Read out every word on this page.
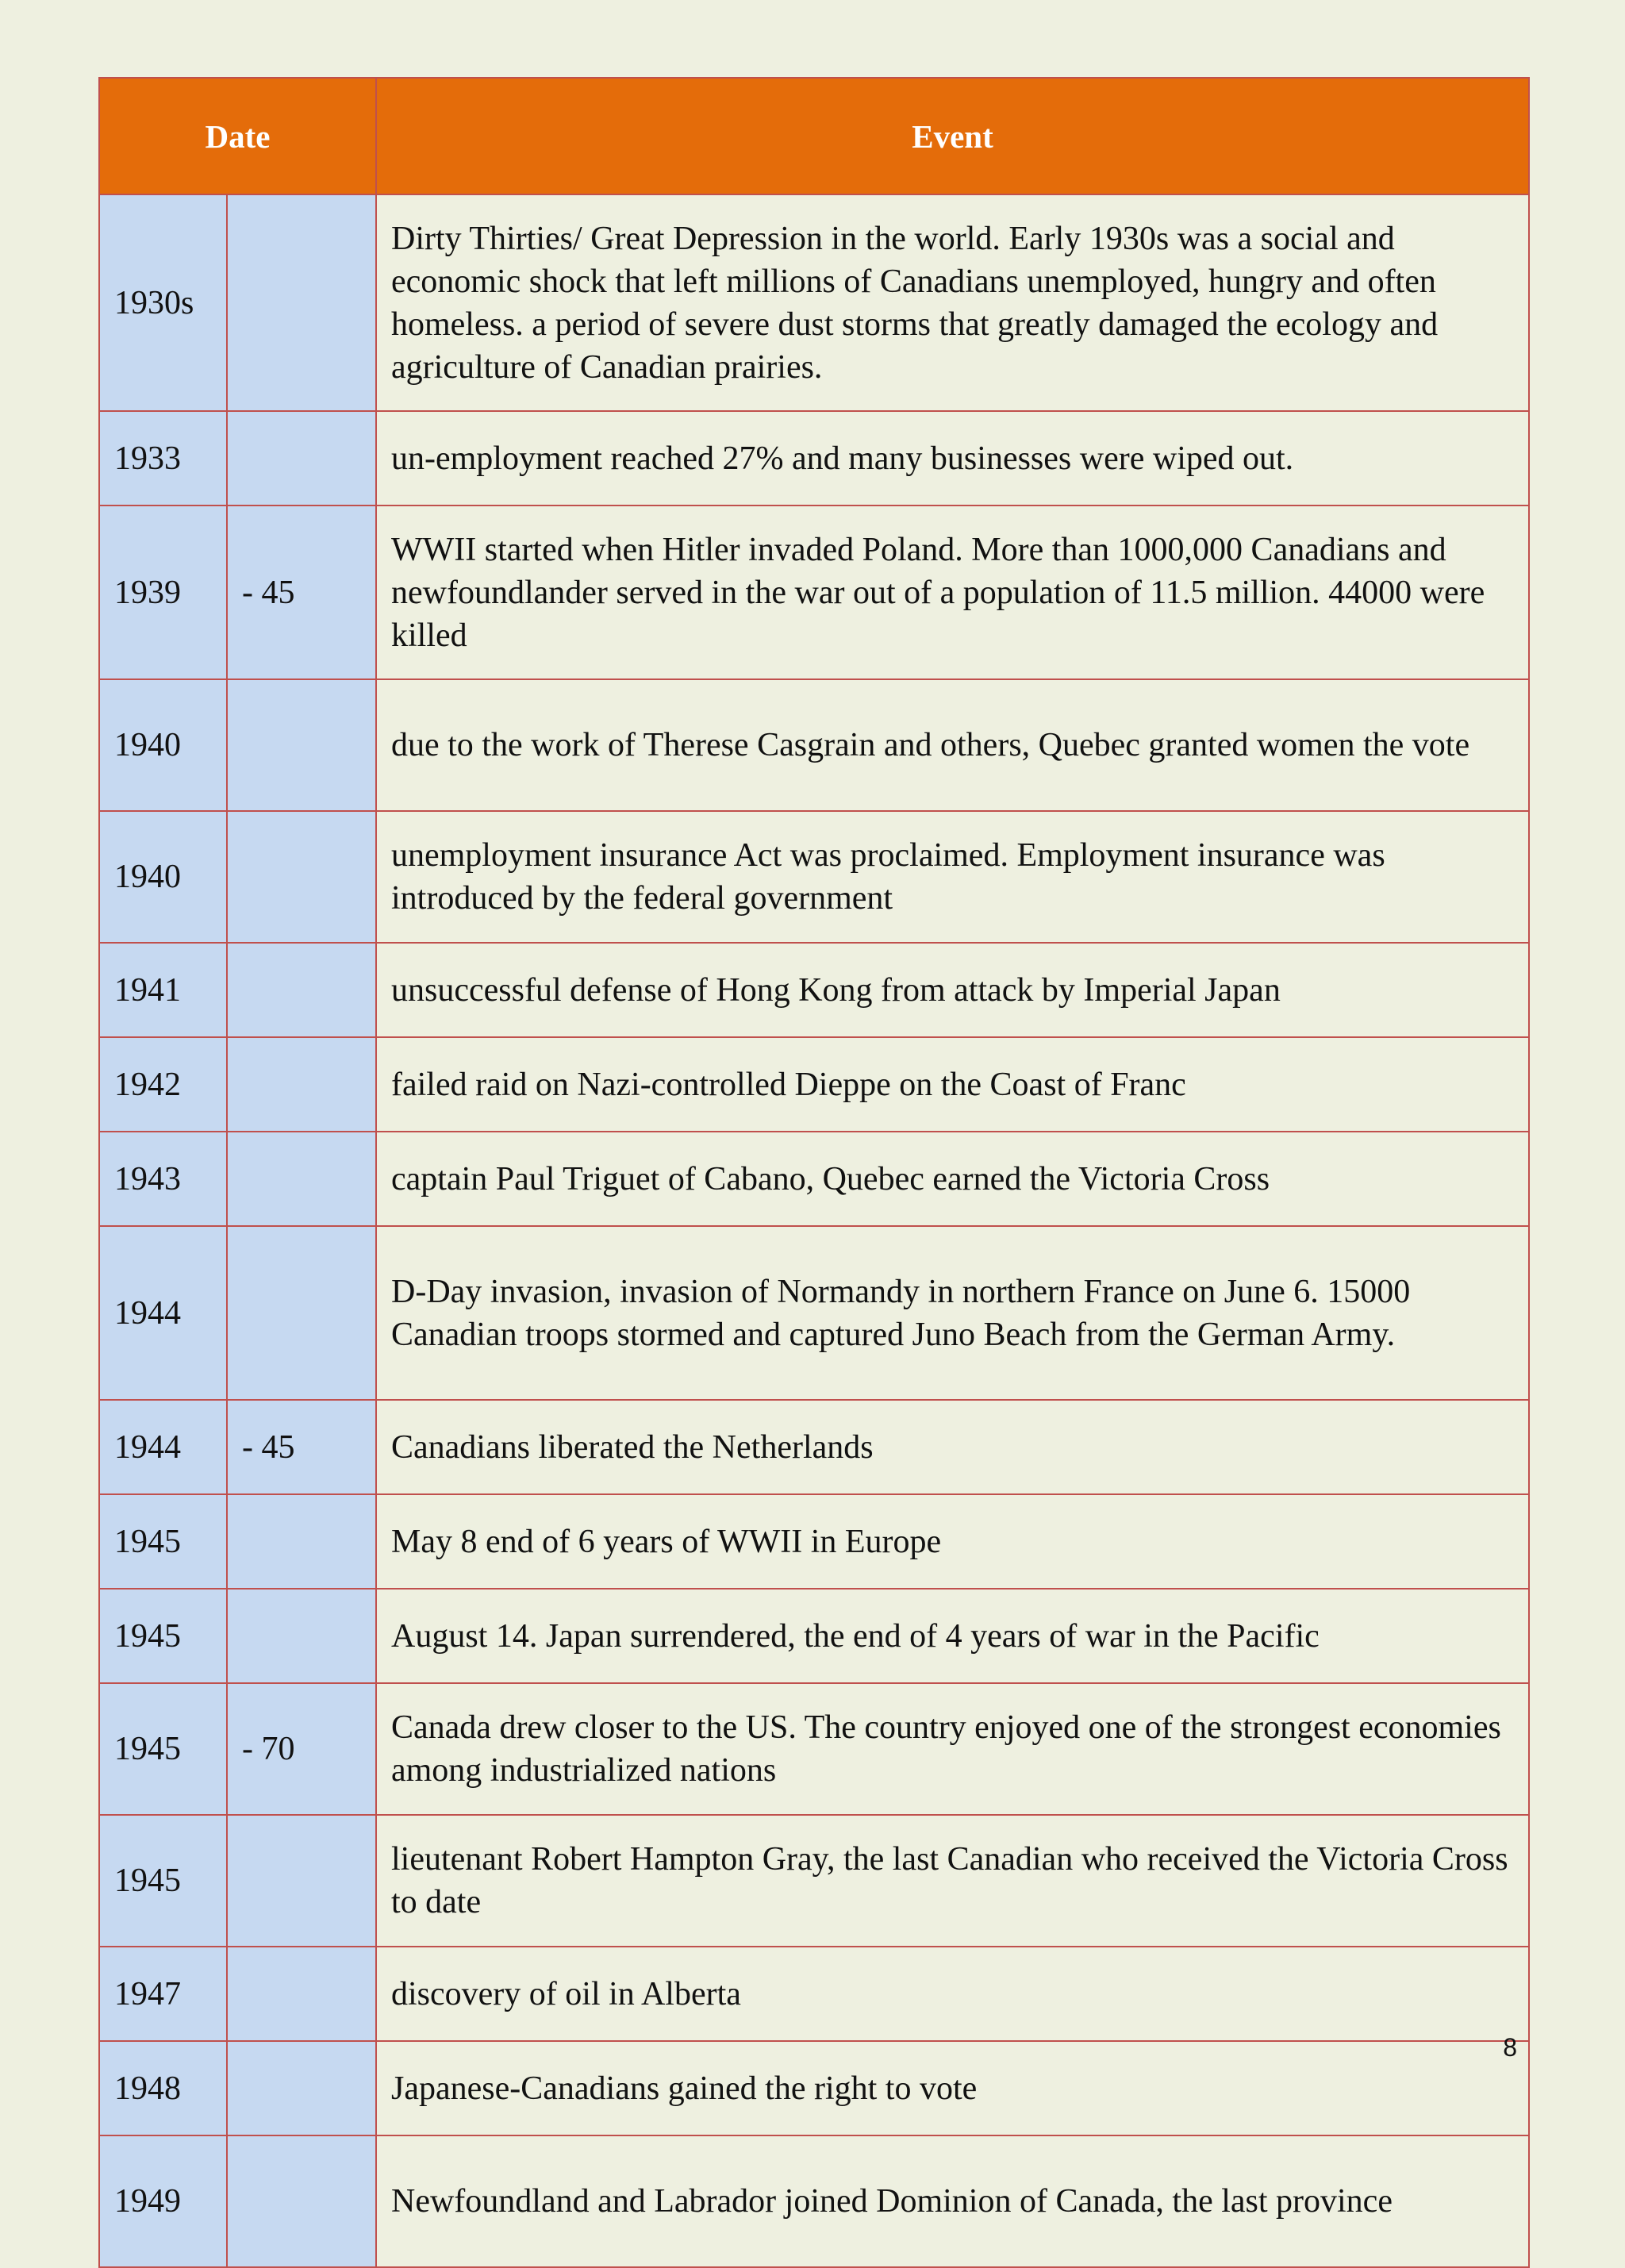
Date		Event
1930s		Dirty Thirties/ Great Depression in the world. Early 1930s was a social and economic shock that left millions of Canadians unemployed, hungry and often homeless. a period of severe dust storms that greatly damaged the ecology and agriculture of Canadian prairies.
1933		un-employment reached 27% and many businesses were wiped out.
1939	- 45	WWII started when Hitler invaded Poland. More than 1000,000 Canadians and newfoundlander served in the war out of a population of 11.5 million. 44000 were killed
1940		due to the work of Therese Casgrain and others, Quebec granted women the vote
1940		unemployment insurance Act was proclaimed. Employment insurance was introduced by the federal government
1941		unsuccessful defense of Hong Kong from attack by Imperial Japan
1942		failed raid on Nazi-controlled Dieppe on the Coast of Franc
1943		captain Paul Triguet of Cabano, Quebec earned the Victoria Cross
1944		D-Day invasion, invasion of Normandy in northern France on June 6. 15000 Canadian troops stormed and captured Juno Beach from the German Army.
1944	- 45	Canadians liberated the Netherlands
1945		May 8 end of 6 years of WWII in Europe
1945		August 14. Japan surrendered, the end of 4 years of war in the Pacific
1945	- 70	Canada drew closer to the US. The country enjoyed one of the strongest economies among industrialized nations
1945		lieutenant Robert Hampton Gray, the last Canadian who received the Victoria Cross to date
1947		discovery of oil in Alberta
1948		Japanese-Canadians gained the right to vote
1949		Newfoundland and Labrador joined Dominion of Canada, the last province
8
